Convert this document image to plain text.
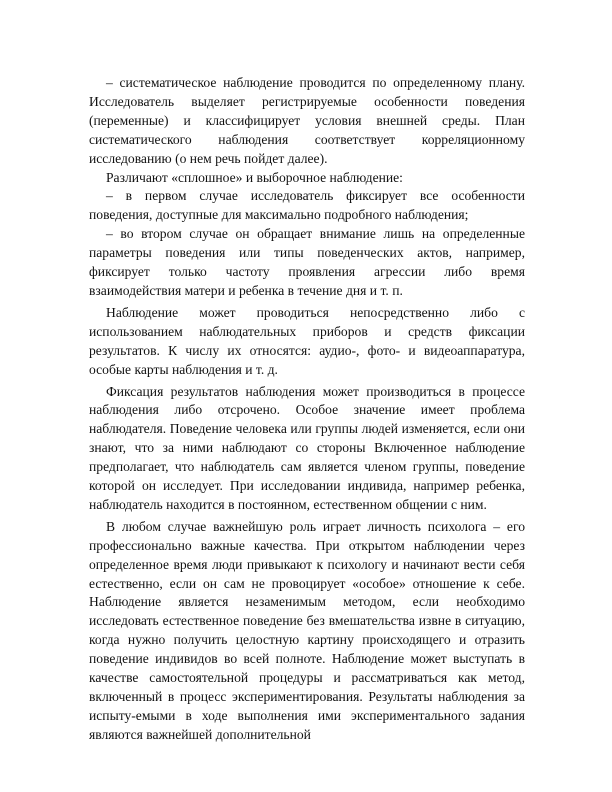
– систематическое наблюдение проводится по определенному плану. Исследователь выделяет регистрируемые особенности поведения (переменные) и классифицирует условия внешней среды. План систематического наблюдения соответствует корреляционному исследованию (о нем речь пойдет далее).

Различают «сплошное» и выборочное наблюдение:

– в первом случае исследователь фиксирует все особенности поведения, доступные для максимально подробного наблюдения;

– во втором случае он обращает внимание лишь на определенные параметры поведения или типы поведенческих актов, например, фиксирует только частоту проявления агрессии либо время взаимодействия матери и ребенка в течение дня и т. п.

Наблюдение может проводиться непосредственно либо с использованием наблюдательных приборов и средств фиксации результатов. К числу их относятся: аудио-, фото- и видеоаппаратура, особые карты наблюдения и т. д.

Фиксация результатов наблюдения может производиться в процессе наблюдения либо отсрочено. Особое значение имеет проблема наблюдателя. Поведение человека или группы людей изменяется, если они знают, что за ними наблюдают со стороны Включенное наблюдение предполагает, что наблюдатель сам является членом группы, поведение которой он исследует. При исследовании индивида, например ребенка, наблюдатель находится в постоянном, естественном общении с ним.

В любом случае важнейшую роль играет личность психолога – его профессионально важные качества. При открытом наблюдении через определенное время люди привыкают к психологу и начинают вести себя естественно, если он сам не провоцирует «особое» отношение к себе. Наблюдение является незаменимым методом, если необходимо исследовать естественное поведение без вмешательства извне в ситуацию, когда нужно получить целостную картину происходящего и отразить поведение индивидов во всей полноте. Наблюдение может выступать в качестве самостоятельной процедуры и рассматриваться как метод, включенный в процесс экспериментирования. Результаты наблюдения за испыту-емыми в ходе выполнения ими экспериментального задания являются важнейшей дополнительной
